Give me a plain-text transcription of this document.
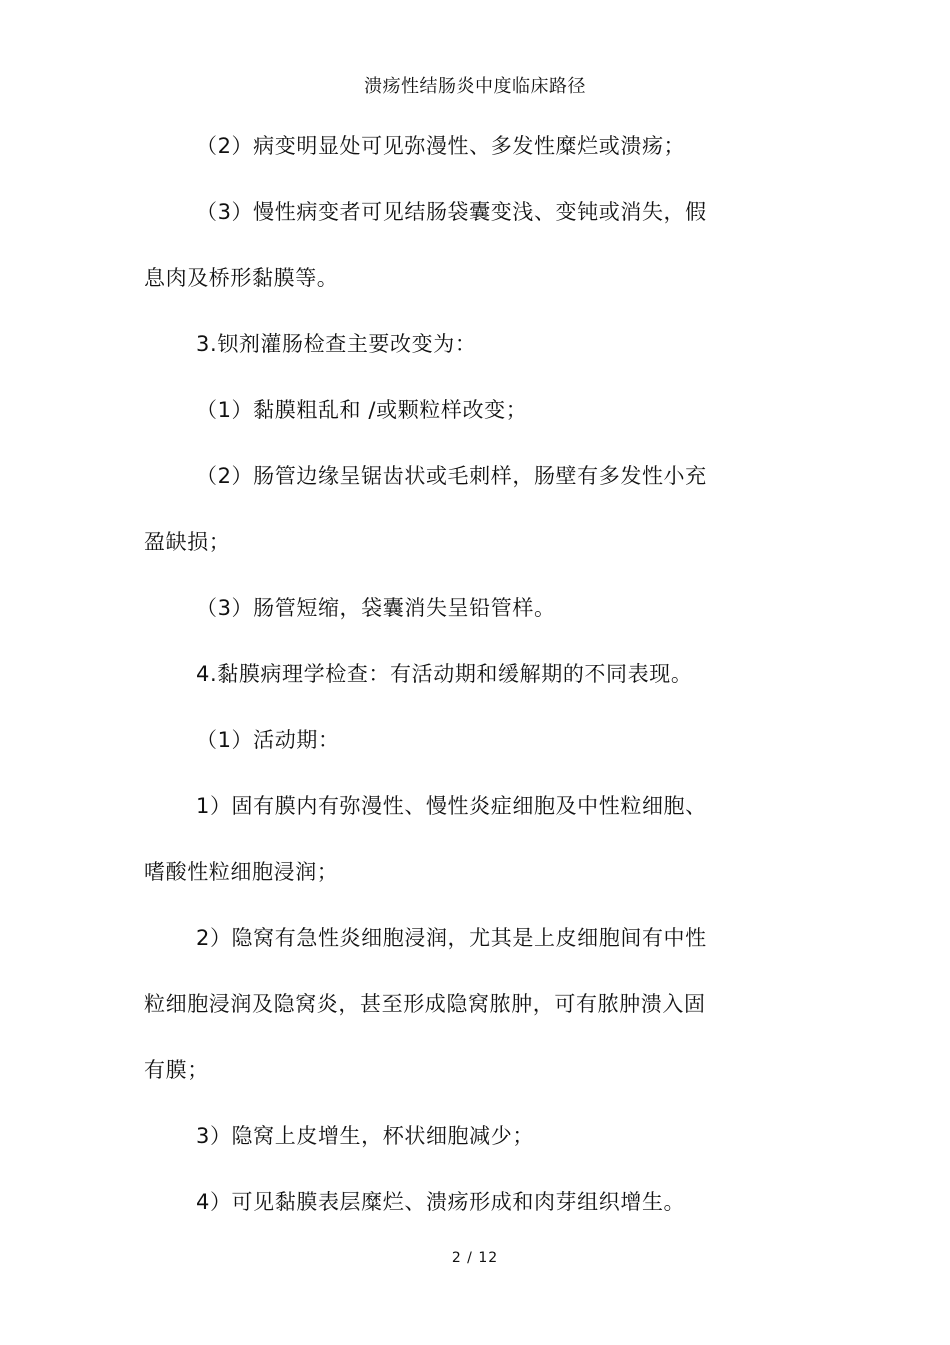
溃疡性结肠炎中度临床路径
（2）病变明显处可见弥漫性、多发性糜烂或溃疡；
（3）慢性病变者可见结肠袋囊变浅、变钝或消失，假
息肉及桥形黏膜等。
3.钡剂灌肠检查主要改变为：
（1）黏膜粗乱和 /或颗粒样改变；
（2）肠管边缘呈锯齿状或毛刺样，肠壁有多发性小充
盈缺损；
（3）肠管短缩，袋囊消失呈铅管样。
4.黏膜病理学检查：有活动期和缓解期的不同表现。
（1）活动期：
1）固有膜内有弥漫性、慢性炎症细胞及中性粒细胞、
嗜酸性粒细胞浸润；
2）隐窝有急性炎细胞浸润，尤其是上皮细胞间有中性
粒细胞浸润及隐窝炎，甚至形成隐窝脓肿，可有脓肿溃入固
有膜；
3）隐窝上皮增生，杯状细胞减少；
4）可见黏膜表层糜烂、溃疡形成和肉芽组织增生。
2 / 12
